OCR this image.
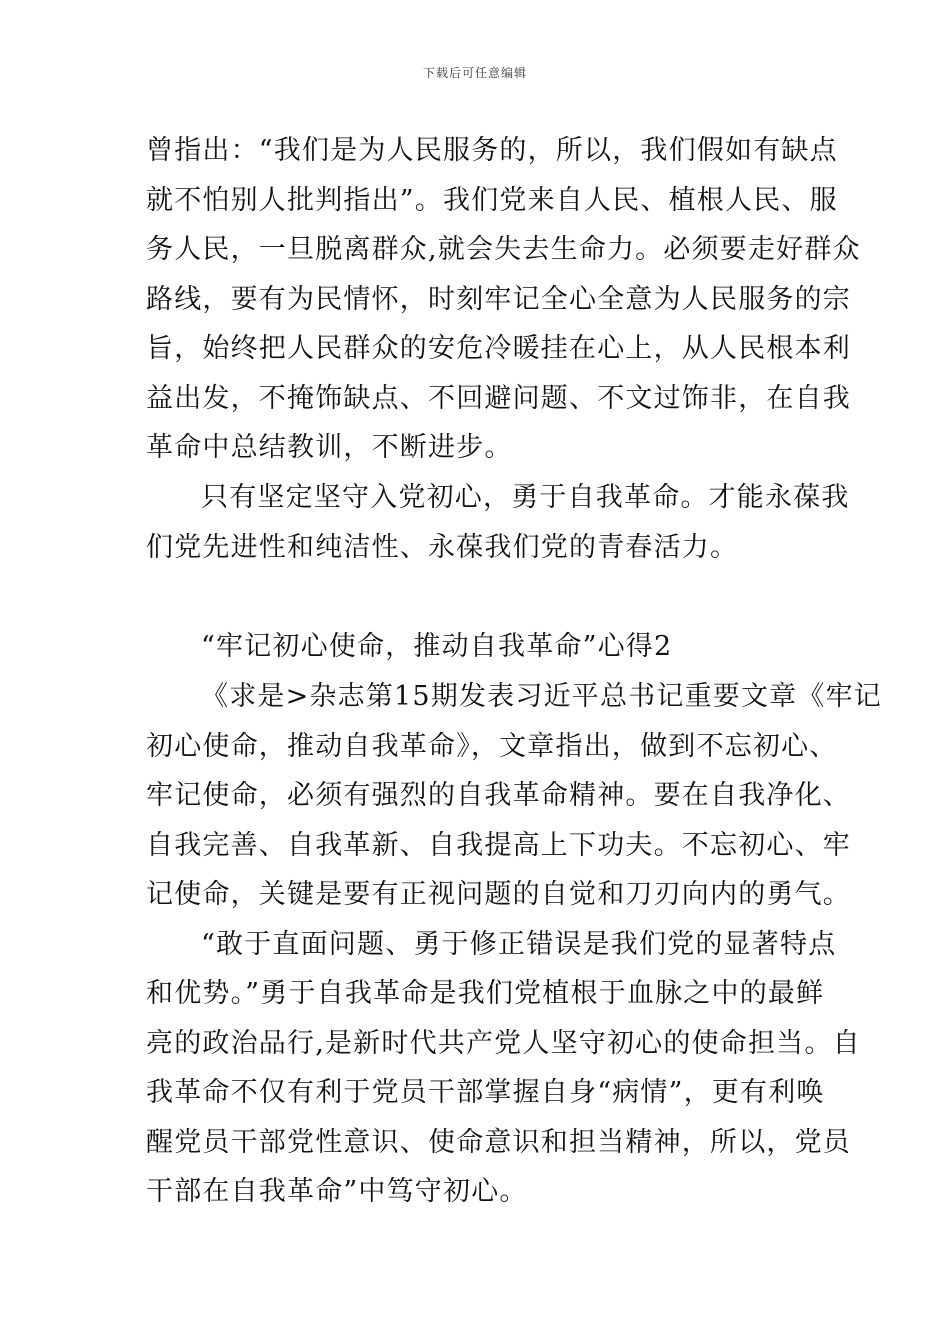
下载后可任意编辑
曾指出：“我们是为人民服务的，所以，我们假如有缺点
就不怕别人批判指出”。我们党来自人民、植根人民、服
务人民，一旦脱离群众,就会失去生命力。必须要走好群众
路线，要有为民情怀，时刻牢记全心全意为人民服务的宗
旨，始终把人民群众的安危冷暖挂在心上，从人民根本利
益出发，不掩饰缺点、不回避问题、不文过饰非，在自我
革命中总结教训，不断进步。
只有坚定坚守入党初心，勇于自我革命。才能永葆我
们党先进性和纯洁性、永葆我们党的青春活力。
“牢记初心使命，推动自我革命”心得2
《求是>杂志第15期发表习近平总书记重要文章《牢记
初心使命，推动自我革命》，文章指出，做到不忘初心、
牢记使命，必须有强烈的自我革命精神。要在自我净化、
自我完善、自我革新、自我提高上下功夫。不忘初心、牢
记使命，关键是要有正视问题的自觉和刀刃向内的勇气。
“敢于直面问题、勇于修正错误是我们党的显著特点
和优势。”勇于自我革命是我们党植根于血脉之中的最鲜
亮的政治品行,是新时代共产党人坚守初心的使命担当。自
我革命不仅有利于党员干部掌握自身“病情”，更有利唤
醒党员干部党性意识、使命意识和担当精神，所以，党员
干部在自我革命”中笃守初心。
